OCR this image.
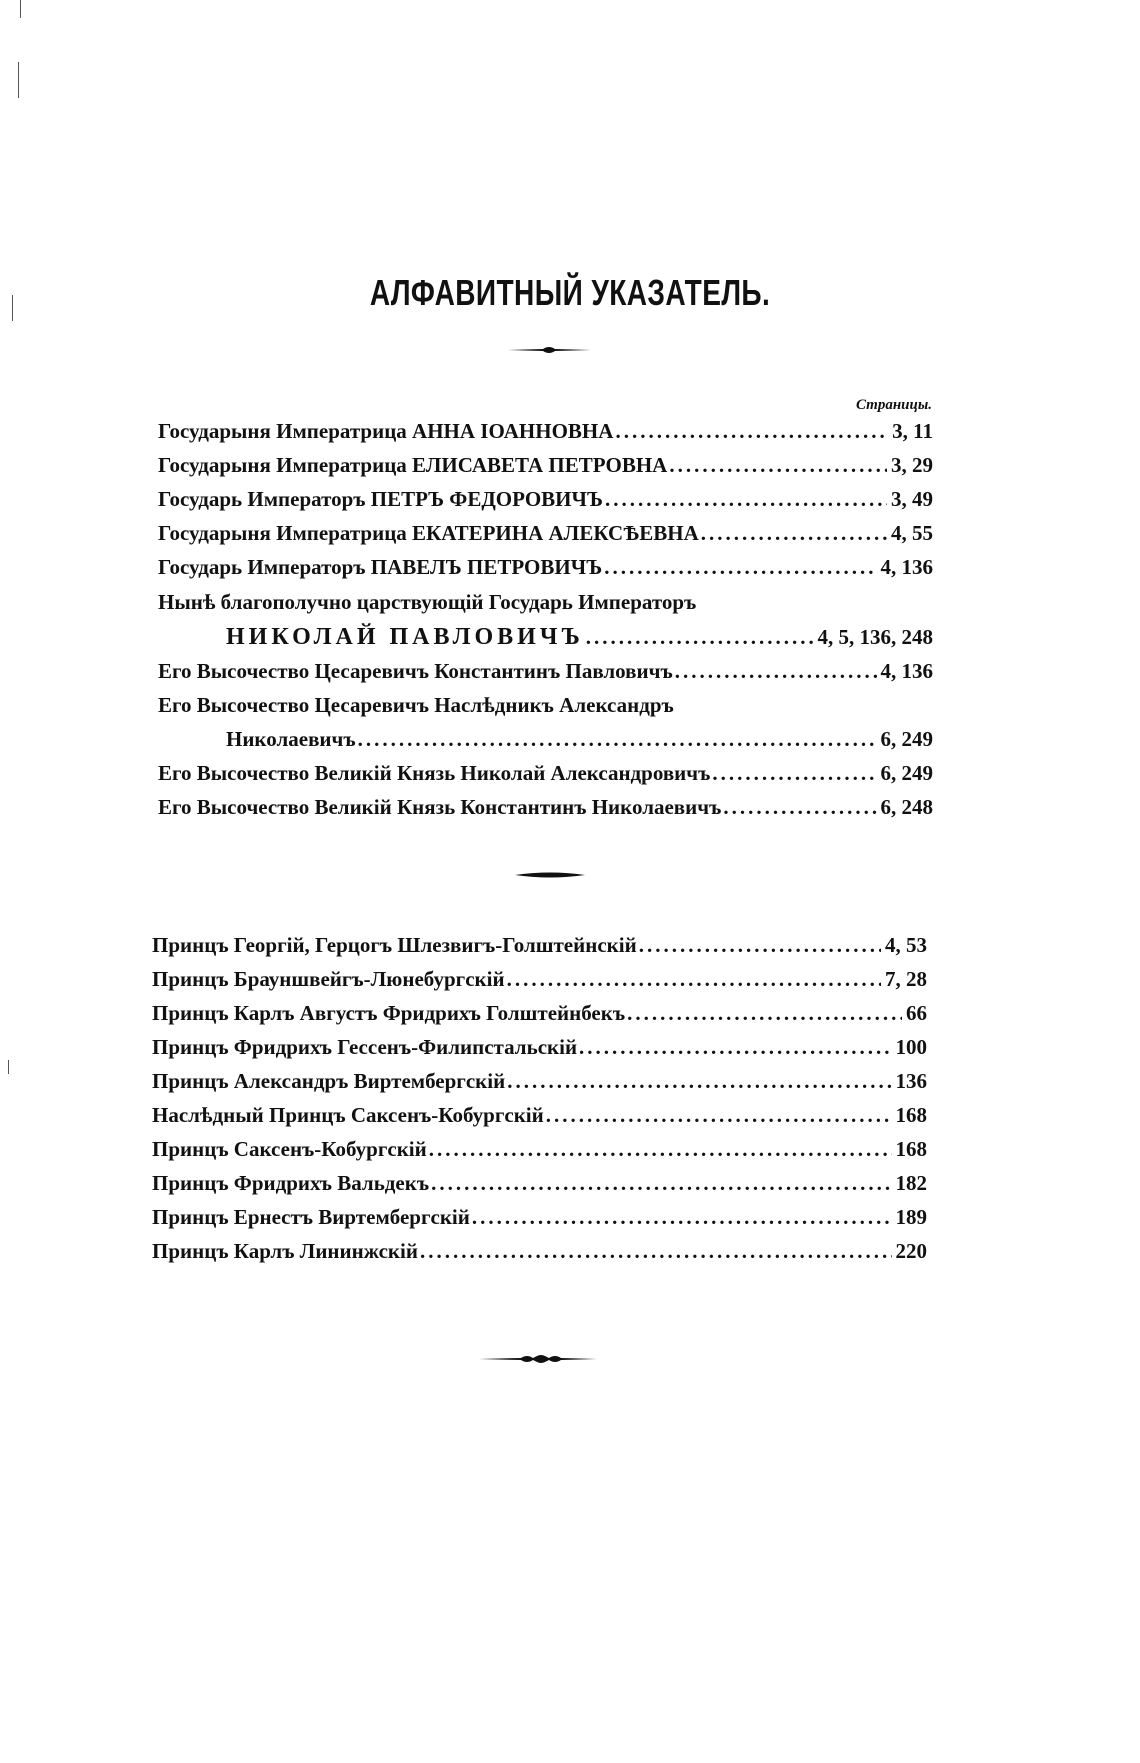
АЛФАВИТНЫЙ УКАЗАТЕЛЬ.
Страницы.
Государыня Императрица АННА ІОАННОВНА .....	3, 11
Государыня Императрица ЕЛИСАВЕТА ПЕТРОВНА .....	3, 29
Государь Императоръ ПЕТРЪ ФЕДОРОВИЧЪ .....	3, 49
Государыня Императрица ЕКАТЕРИНА АЛЕКСѢЕВНА .....	4, 55
Государь Императоръ ПАВЕЛЪ ПЕТРОВИЧЪ .....	4, 136
Нынѣ благополучно царствующій Государь Императоръ
НИКОЛАЙ ПАВЛОВИЧЪ .....	4, 5, 136, 248
Его Высочество Цесаревичъ Константинъ Павловичъ .....	4, 136
Его Высочество Цесаревичъ Наслѣдникъ Александръ
Николаевичъ .....	6, 249
Его Высочество Великій Князь Николай Александровичъ .....	6, 249
Его Высочество Великій Князь Константинъ Николаевичъ .....	6, 248
Принцъ Георгій, Герцогъ Шлезвигъ-Голштейнскій .....	4, 53
Принцъ Брауншвейгъ-Люнебургскій .....	7, 28
Принцъ Карлъ Августъ Фридрихъ Голштейнбекъ .....	66
Принцъ Фридрихъ Гессенъ-Филипстальскій .....	100
Принцъ Александръ Виртембергскій .....	136
Наслѣдный Принцъ Саксенъ-Кобургскій .....	168
Принцъ Саксенъ-Кобургскій .....	168
Принцъ Фридрихъ Вальдекъ .....	182
Принцъ Ернестъ Виртембергскій .....	189
Принцъ Карлъ Лининжскій .....	220
